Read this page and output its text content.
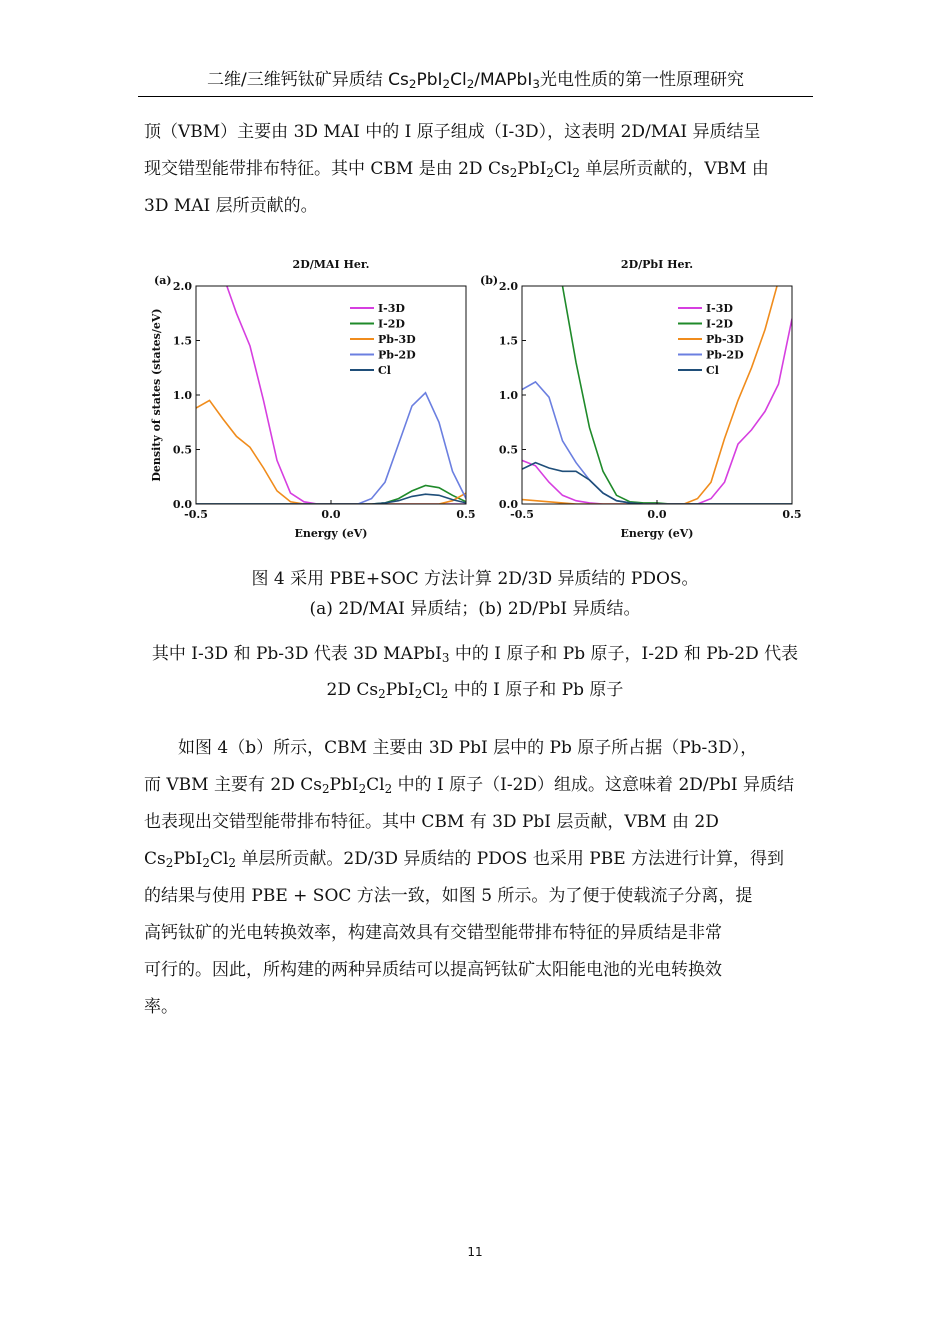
二维/三维钙钛矿异质结 $Cs_2PbI_2Cl_2/MAPbI_3$光电性质的第一性原理研究

顶（VBM）主要由 3D MAI 中的 I 原子组成（I-3D），这表明 2D/MAI 异质结呈

现交错型能带排布特征。其中 CBM 是由 2D $Cs_2PbI_2Cl_2$ 单层所贡献的，VBM 由

3D MAI 层所贡献的。

-0.5	0.0	0.5
0.0
0.5
1.0
1.5
2.0
2D/MAI Her.
(a)
Energy (eV)
Density of states (states/eV)	I-3D
I-2D
Pb-3D
Pb-2D
Cl
-0.5	0.0	0.5
0.0
0.5
1.0
1.5
2.0
2D/PbI Her.
(b)
Energy (eV)
I-3D
I-2D
Pb-3D
Pb-2D
Cl
图 4 采用 PBE+SOC 方法计算 2D/3D 异质结的 PDOS。
(a) 2D/MAI 异质结；(b) 2D/PbI 异质结。
其中 I-3D 和 Pb-3D 代表 3D MAPbI$_3$ 中的 I 原子和 Pb 原子，I-2D 和 Pb-2D 代表
2D $Cs_2PbI_2Cl_2$ 中的 I 原子和 Pb 原子

如图 4（b）所示，CBM 主要由 3D PbI 层中的 Pb 原子所占据（Pb-3D），

而 VBM 主要有 2D $Cs_2PbI_2Cl_2$ 中的 I 原子（I-2D）组成。这意味着 2D/PbI 异质结

也表现出交错型能带排布特征。其中 CBM 有 3D PbI 层贡献，VBM 由 2D

$Cs_2PbI_2Cl_2$ 单层所贡献。2D/3D 异质结的 PDOS 也采用 PBE 方法进行计算，得到

的结果与使用 PBE + SOC 方法一致，如图 5 所示。为了便于使载流子分离，提

高钙钛矿的光电转换效率，构建高效具有交错型能带排布特征的异质结是非常

可行的。因此，所构建的两种异质结可以提高钙钛矿太阳能电池的光电转换效

率。

11
